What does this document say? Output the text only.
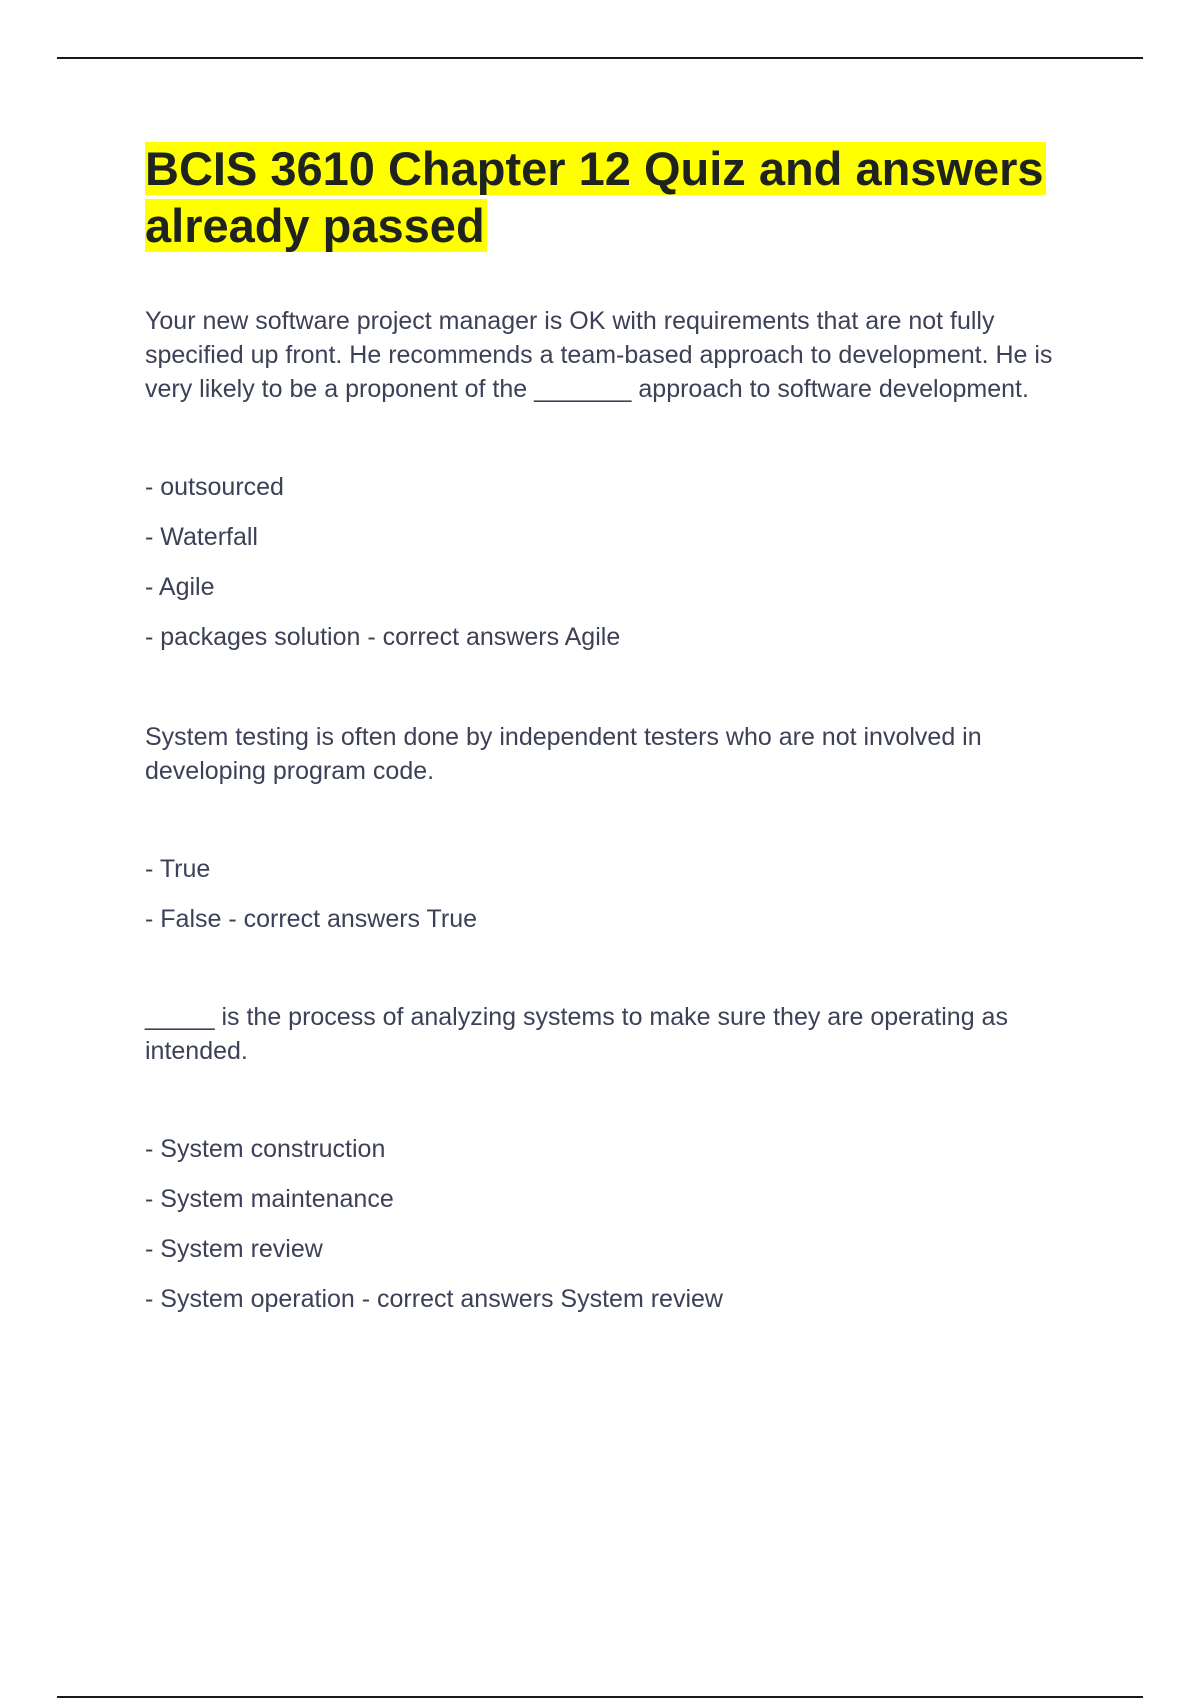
BCIS 3610 Chapter 12 Quiz and answers already passed

Your new software project manager is OK with requirements that are not fully specified up front. He recommends a team-based approach to development. He is very likely to be a proponent of the _______ approach to software development.

- outsourced
- Waterfall
- Agile
- packages solution - correct answers Agile

System testing is often done by independent testers who are not involved in developing program code.

- True
- False - correct answers True

_____ is the process of analyzing systems to make sure they are operating as intended.

- System construction
- System maintenance
- System review
- System operation - correct answers System review
